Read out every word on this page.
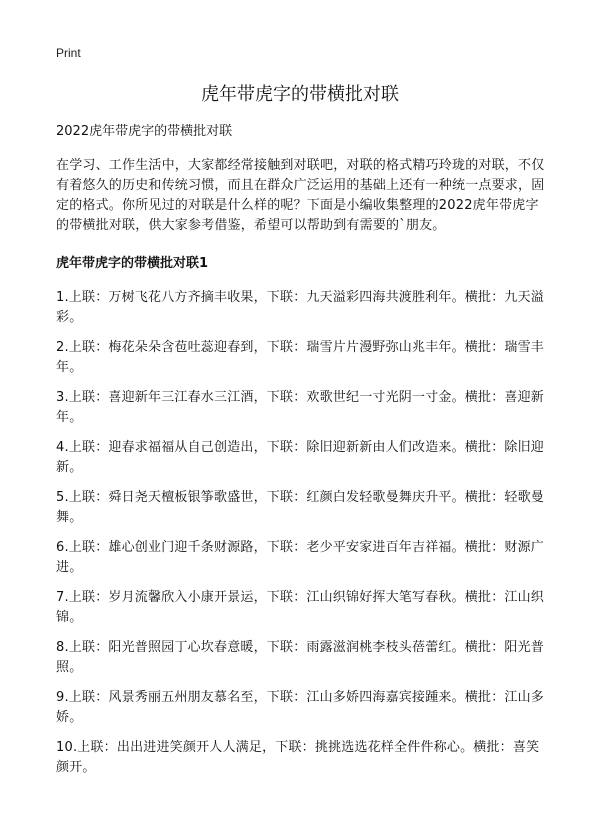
Print
虎年带虎字的带横批对联

2022虎年带虎字的带横批对联

在学习、工作生活中，大家都经常接触到对联吧，对联的格式精巧玲珑的对联，不仅有着悠久的历史和传统习惯，而且在群众广泛运用的基础上还有一种统一点要求，固定的格式。你所见过的对联是什么样的呢？下面是小编收集整理的2022虎年带虎字的带横批对联，供大家参考借鉴，希望可以帮助到有需要的`朋友。

虎年带虎字的带横批对联1

1.上联：万树飞花八方齐摘丰收果，下联：九天溢彩四海共渡胜利年。横批：九天溢彩。

2.上联：梅花朵朵含苞吐蕊迎春到，下联：瑞雪片片漫野弥山兆丰年。横批：瑞雪丰年。

3.上联：喜迎新年三江春水三江酒，下联：欢歌世纪一寸光阴一寸金。横批：喜迎新年。

4.上联：迎春求福福从自己创造出，下联：除旧迎新新由人们改造来。横批：除旧迎新。

5.上联：舜日尧天檀板银筝歌盛世，下联：红颜白发轻歌曼舞庆升平。横批：轻歌曼舞。

6.上联：雄心创业门迎千条财源路，下联：老少平安家进百年吉祥福。横批：财源广进。

7.上联：岁月流馨欣入小康开景运，下联：江山织锦好挥大笔写春秋。横批：江山织锦。

8.上联：阳光普照园丁心坎春意暖，下联：雨露滋润桃李枝头蓓蕾红。横批：阳光普照。

9.上联：风景秀丽五州朋友慕名至，下联：江山多娇四海嘉宾接踵来。横批：江山多娇。

10.上联：出出进进笑颜开人人满足，下联：挑挑选选花样全件件称心。横批：喜笑颜开。
